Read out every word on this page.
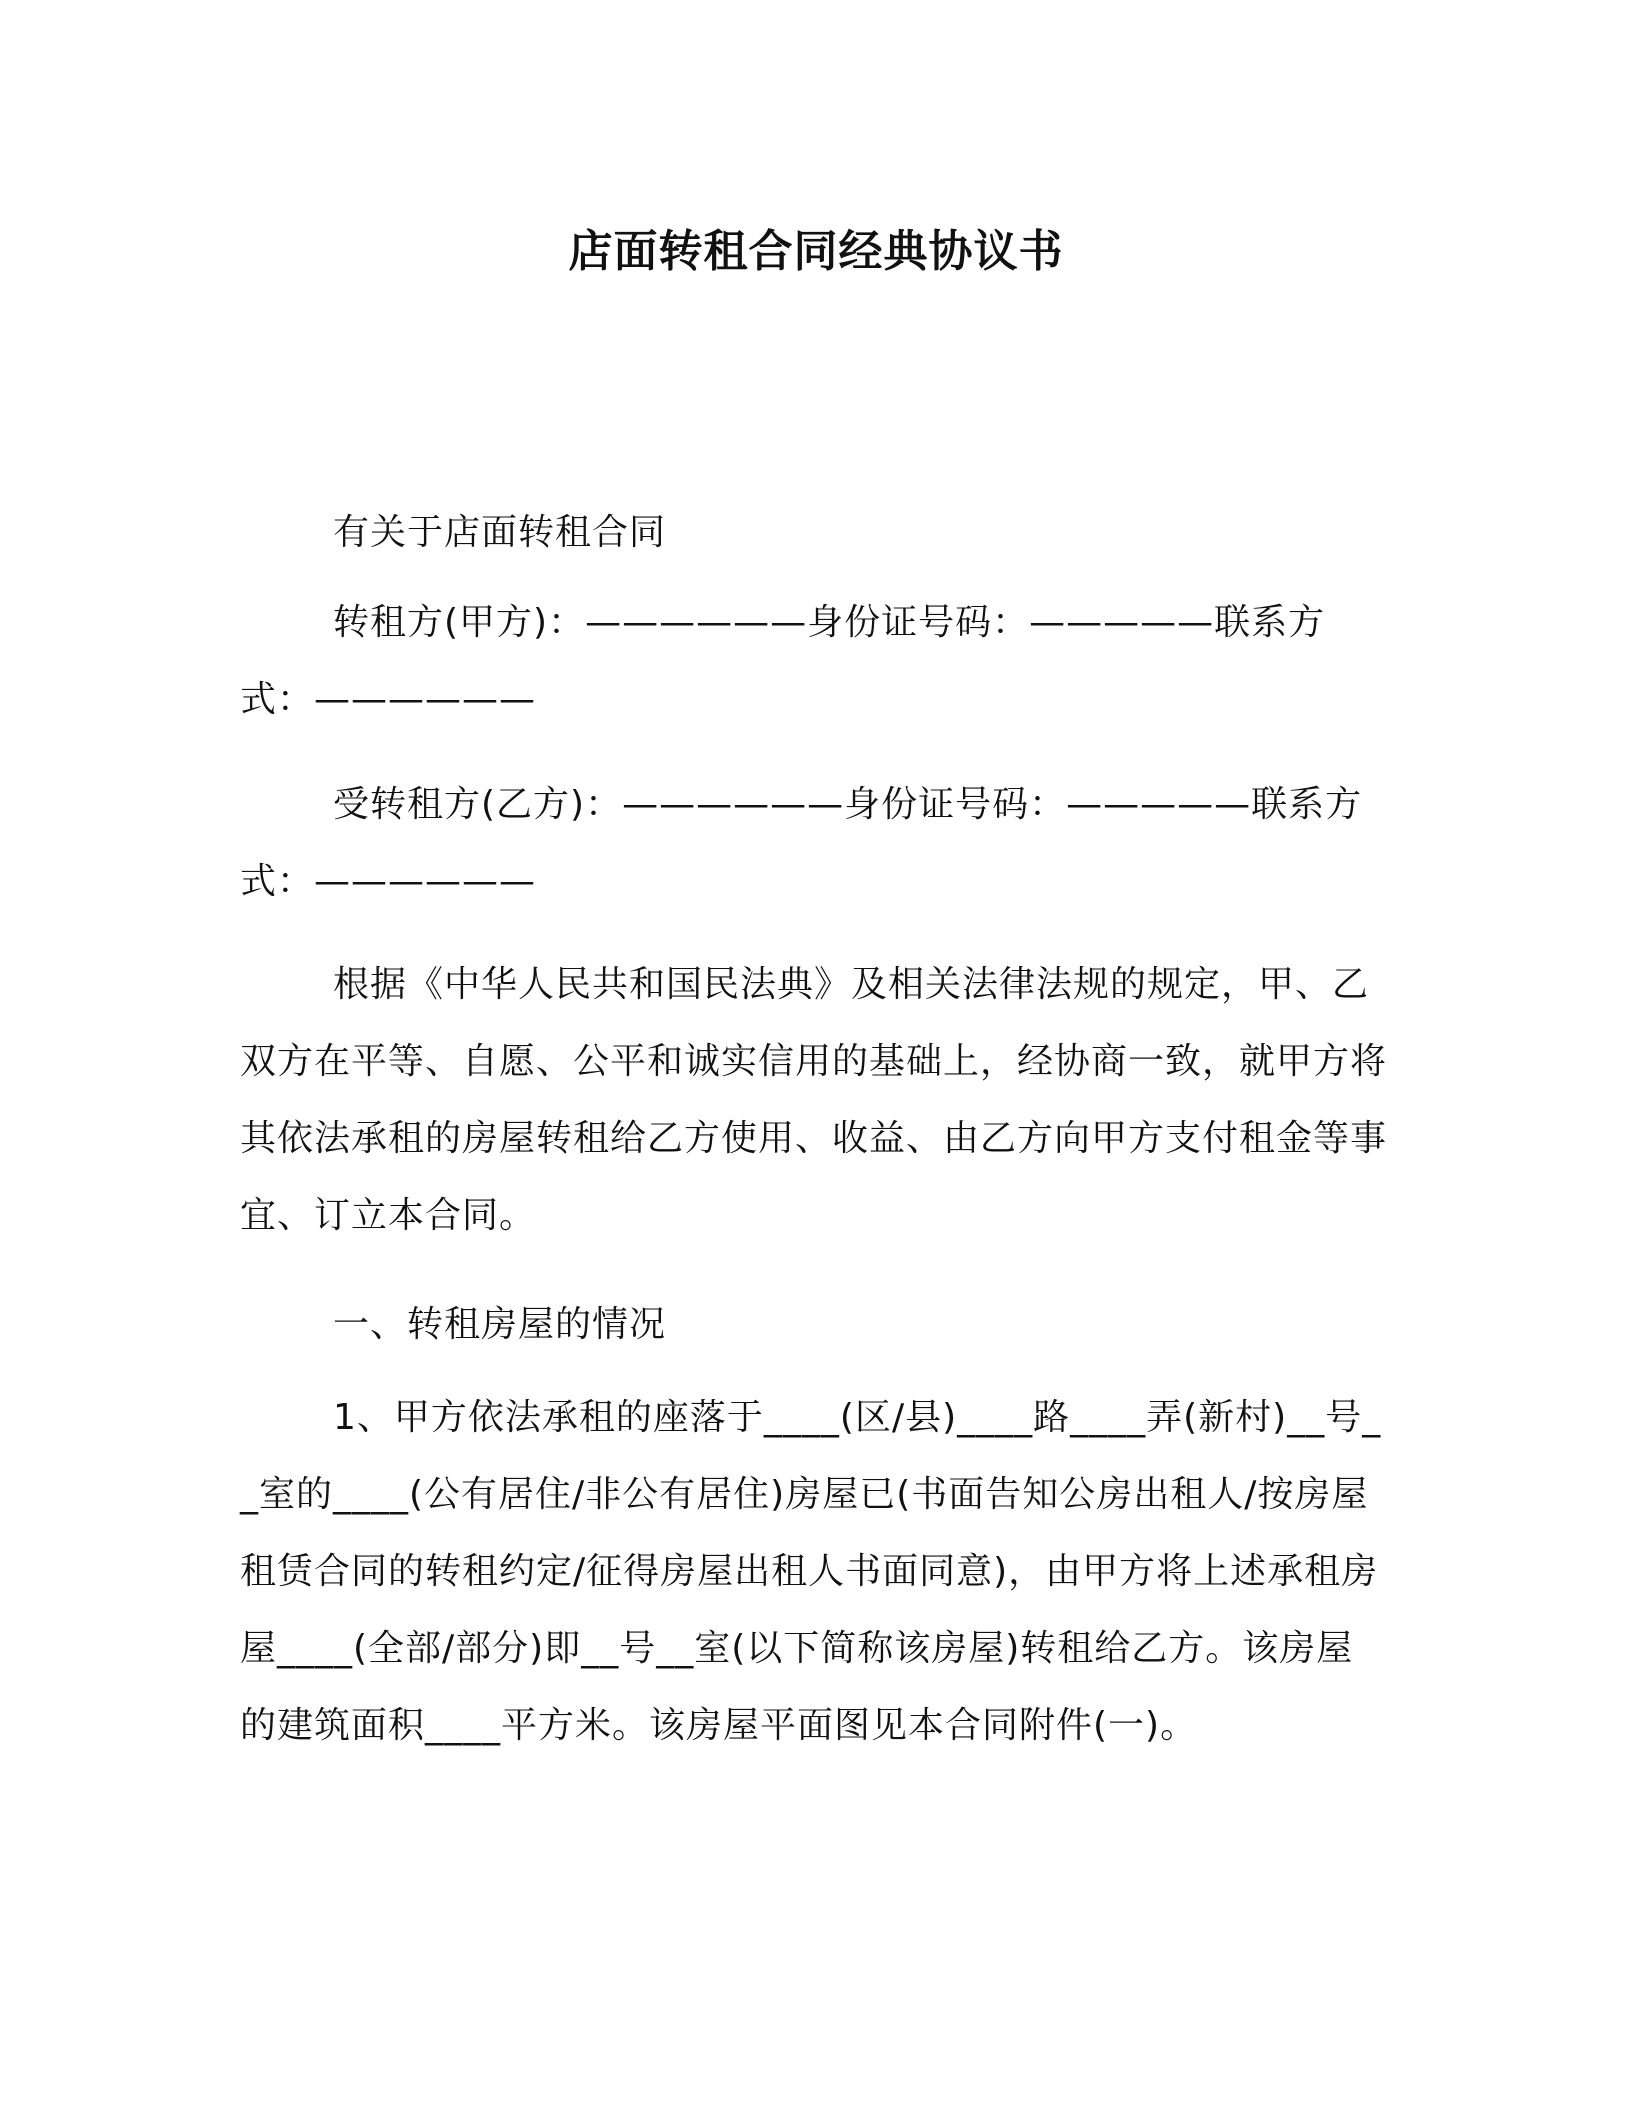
店面转租合同经典协议书

有关于店面转租合同

转租方(甲方)：——————身份证号码：—————联系方式：——————

受转租方(乙方)：——————身份证号码：—————联系方式：——————

根据《中华人民共和国民法典》及相关法律法规的规定，甲、乙双方在平等、自愿、公平和诚实信用的基础上，经协商一致，就甲方将其依法承租的房屋转租给乙方使用、收益、由乙方向甲方支付租金等事宜、订立本合同。

一、转租房屋的情况

1、甲方依法承租的座落于____(区/县)____路____弄(新村)__号__室的____(公有居住/非公有居住)房屋已(书面告知公房出租人/按房屋租赁合同的转租约定/征得房屋出租人书面同意)，由甲方将上述承租房屋____(全部/部分)即__号__室(以下简称该房屋)转租给乙方。该房屋的建筑面积____平方米。该房屋平面图见本合同附件(一)。
